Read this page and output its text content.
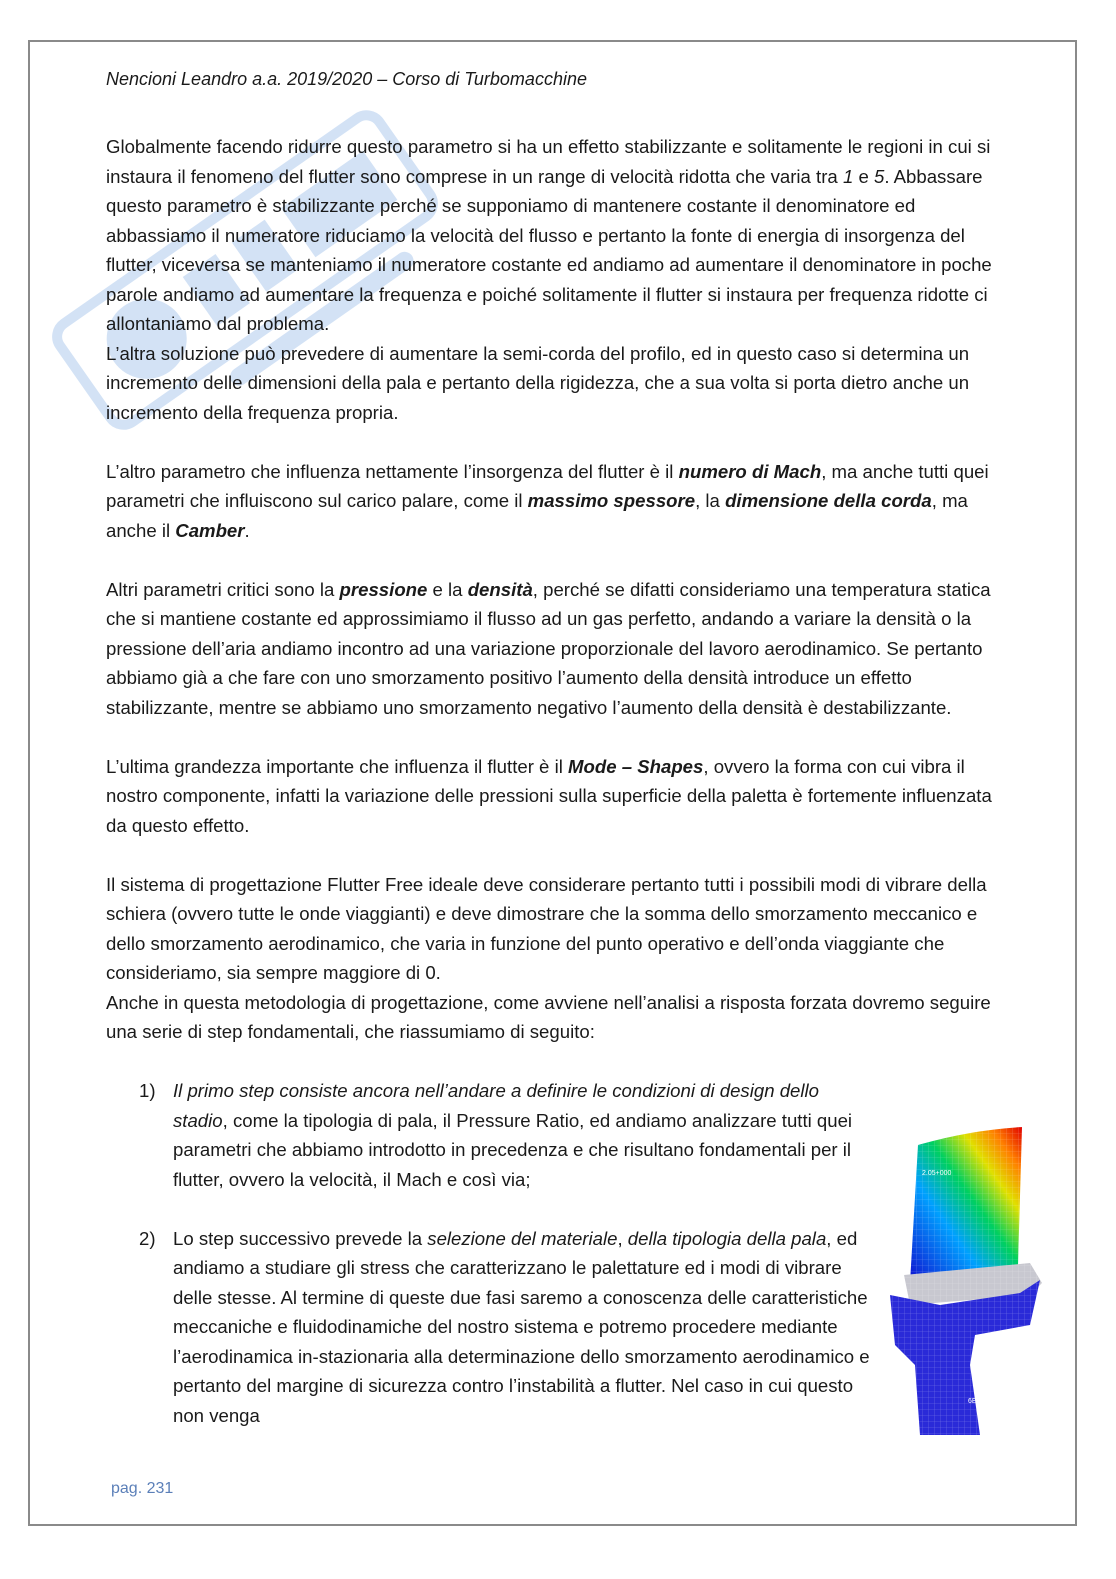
Nencioni Leandro a.a. 2019/2020 – Corso di Turbomacchine

Globalmente facendo ridurre questo parametro si ha un effetto stabilizzante e solitamente le regioni in cui si instaura il fenomeno del flutter sono comprese in un range di velocità ridotta che varia tra 1 e 5. Abbassare questo parametro è stabilizzante perché se supponiamo di mantenere costante il denominatore ed abbassiamo il numeratore riduciamo la velocità del flusso e pertanto la fonte di energia di insorgenza del flutter, viceversa se manteniamo il numeratore costante ed andiamo ad aumentare il denominatore in poche parole andiamo ad aumentare la frequenza e poiché solitamente il flutter si instaura per frequenza ridotte ci allontaniamo dal problema.

L’altra soluzione può prevedere di aumentare la semi-corda del profilo, ed in questo caso si determina un incremento delle dimensioni della pala e pertanto della rigidezza, che a sua volta si porta dietro anche un incremento della frequenza propria.

L’altro parametro che influenza nettamente l’insorgenza del flutter è il numero di Mach, ma anche tutti quei parametri che influiscono sul carico palare, come il massimo spessore, la dimensione della corda, ma anche il Camber.

Altri parametri critici sono la pressione e la densità, perché se difatti consideriamo una temperatura statica che si mantiene costante ed approssimiamo il flusso ad un gas perfetto, andando a variare la densità o la pressione dell’aria andiamo incontro ad una variazione proporzionale del lavoro aerodinamico. Se pertanto abbiamo già a che fare con uno smorzamento positivo l’aumento della densità introduce un effetto stabilizzante, mentre se abbiamo uno smorzamento negativo l’aumento della densità è destabilizzante.

L’ultima grandezza importante che influenza il flutter è il Mode – Shapes, ovvero la forma con cui vibra il nostro componente, infatti la variazione delle pressioni sulla superficie della paletta è fortemente influenzata da questo effetto.

Il sistema di progettazione Flutter Free ideale deve considerare pertanto tutti i possibili modi di vibrare della schiera (ovvero tutte le onde viaggianti) e deve dimostrare che la somma dello smorzamento meccanico e dello smorzamento aerodinamico, che varia in funzione del punto operativo e dell’onda viaggiante che consideriamo, sia sempre maggiore di 0.

Anche in questa metodologia di progettazione, come avviene nell’analisi a risposta forzata dovremo seguire una serie di step fondamentali, che riassumiamo di seguito:

1) Il primo step consiste ancora nell’andare a definire le condizioni di design dello stadio, come la tipologia di pala, il Pressure Ratio, ed andiamo analizzare tutti quei parametri che abbiamo introdotto in precedenza e che risultano fondamentali per il flutter, ovvero la velocità, il Mach e così via;
2) Lo step successivo prevede la selezione del materiale, della tipologia della pala, ed andiamo a studiare gli stress che caratterizzano le palettature ed i modi di vibrare delle stesse. Al termine di queste due fasi saremo a conoscenza delle caratteristiche meccaniche e fluidodinamiche del nostro sistema e potremo procedere mediante l’aerodinamica in-stazionaria alla determinazione dello smorzamento aerodinamico e pertanto del margine di sicurezza contro l’instabilità a flutter. Nel caso in cui questo non venga
2.05+000
6E-005
pag. 231
